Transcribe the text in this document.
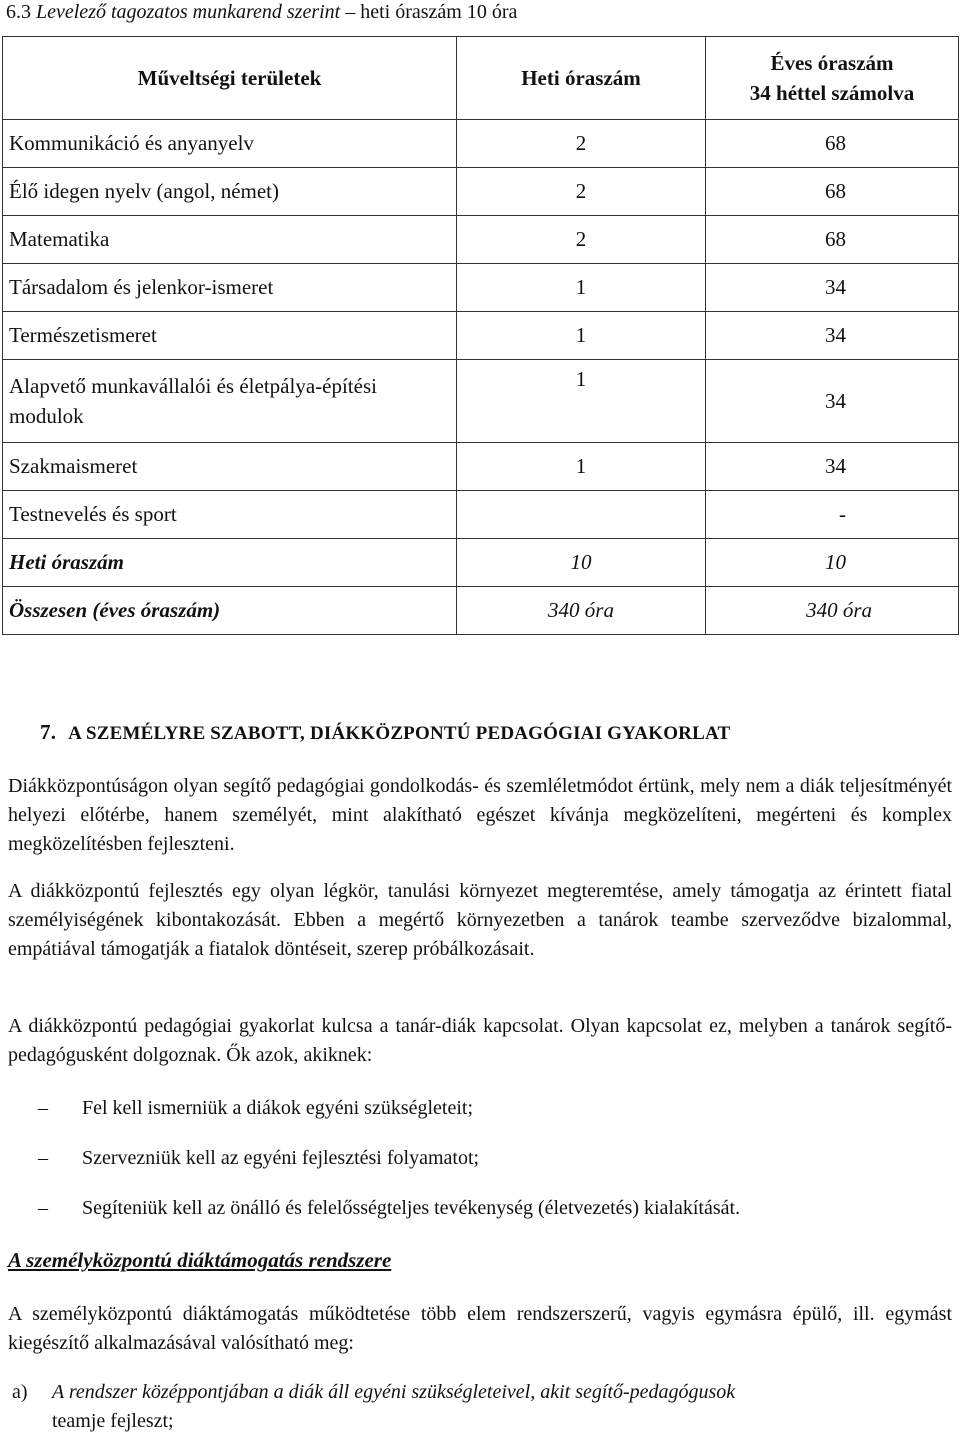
6.3 Levelező tagozatos munkarend szerint – heti óraszám 10 óra
Műveltségi területek	Heti óraszám	Éves óraszám
34 héttel számolva

Kommunikáció és anyanyelv	2	68
Élő idegen nyelv (angol, német)	2	68
Matematika	2	68
Társadalom és jelenkor-ismeret	1	34
Természetismeret	1	34
Alapvető munkavállalói és életpálya-építési modulok	1	34
Szakmaismeret	1	34
Testnevelés és sport		-
Heti óraszám	10	10
Összesen (éves óraszám)	340 óra	340 óra
7. A SZEMÉLYRE SZABOTT, DIÁKKÖZPONTÚ PEDAGÓGIAI GYAKORLAT
Diákközpontúságon olyan segítő pedagógiai gondolkodás- és szemléletmódot értünk, mely nem a diák teljesítményét helyezi előtérbe, hanem személyét, mint alakítható egészet kívánja megközelíteni, megérteni és komplex megközelítésben fejleszteni.
A diákközpontú fejlesztés egy olyan légkör, tanulási környezet megteremtése, amely támogatja az érintett fiatal személyiségének kibontakozását. Ebben a megértő környezetben a tanárok teambe szerveződve bizalommal, empátiával támogatják a fiatalok döntéseit, szerep próbálkozásait.
A diákközpontú pedagógiai gyakorlat kulcsa a tanár-diák kapcsolat. Olyan kapcsolat ez, melyben a tanárok segítő-pedagógusként dolgoznak. Ők azok, akiknek:
– Fel kell ismerniük a diákok egyéni szükségleteit;
– Szervezniük kell az egyéni fejlesztési folyamatot;
– Segíteniük kell az önálló és felelősségteljes tevékenység (életvezetés) kialakítását.
A személyközpontú diáktámogatás rendszere
A személyközpontú diáktámogatás működtetése több elem rendszerszerű, vagyis egymásra épülő, ill. egymást kiegészítő alkalmazásával valósítható meg:
a) A rendszer középpontjában a diák áll egyéni szükségleteivel, akit segítő-pedagógusok
teamje fejleszt;
